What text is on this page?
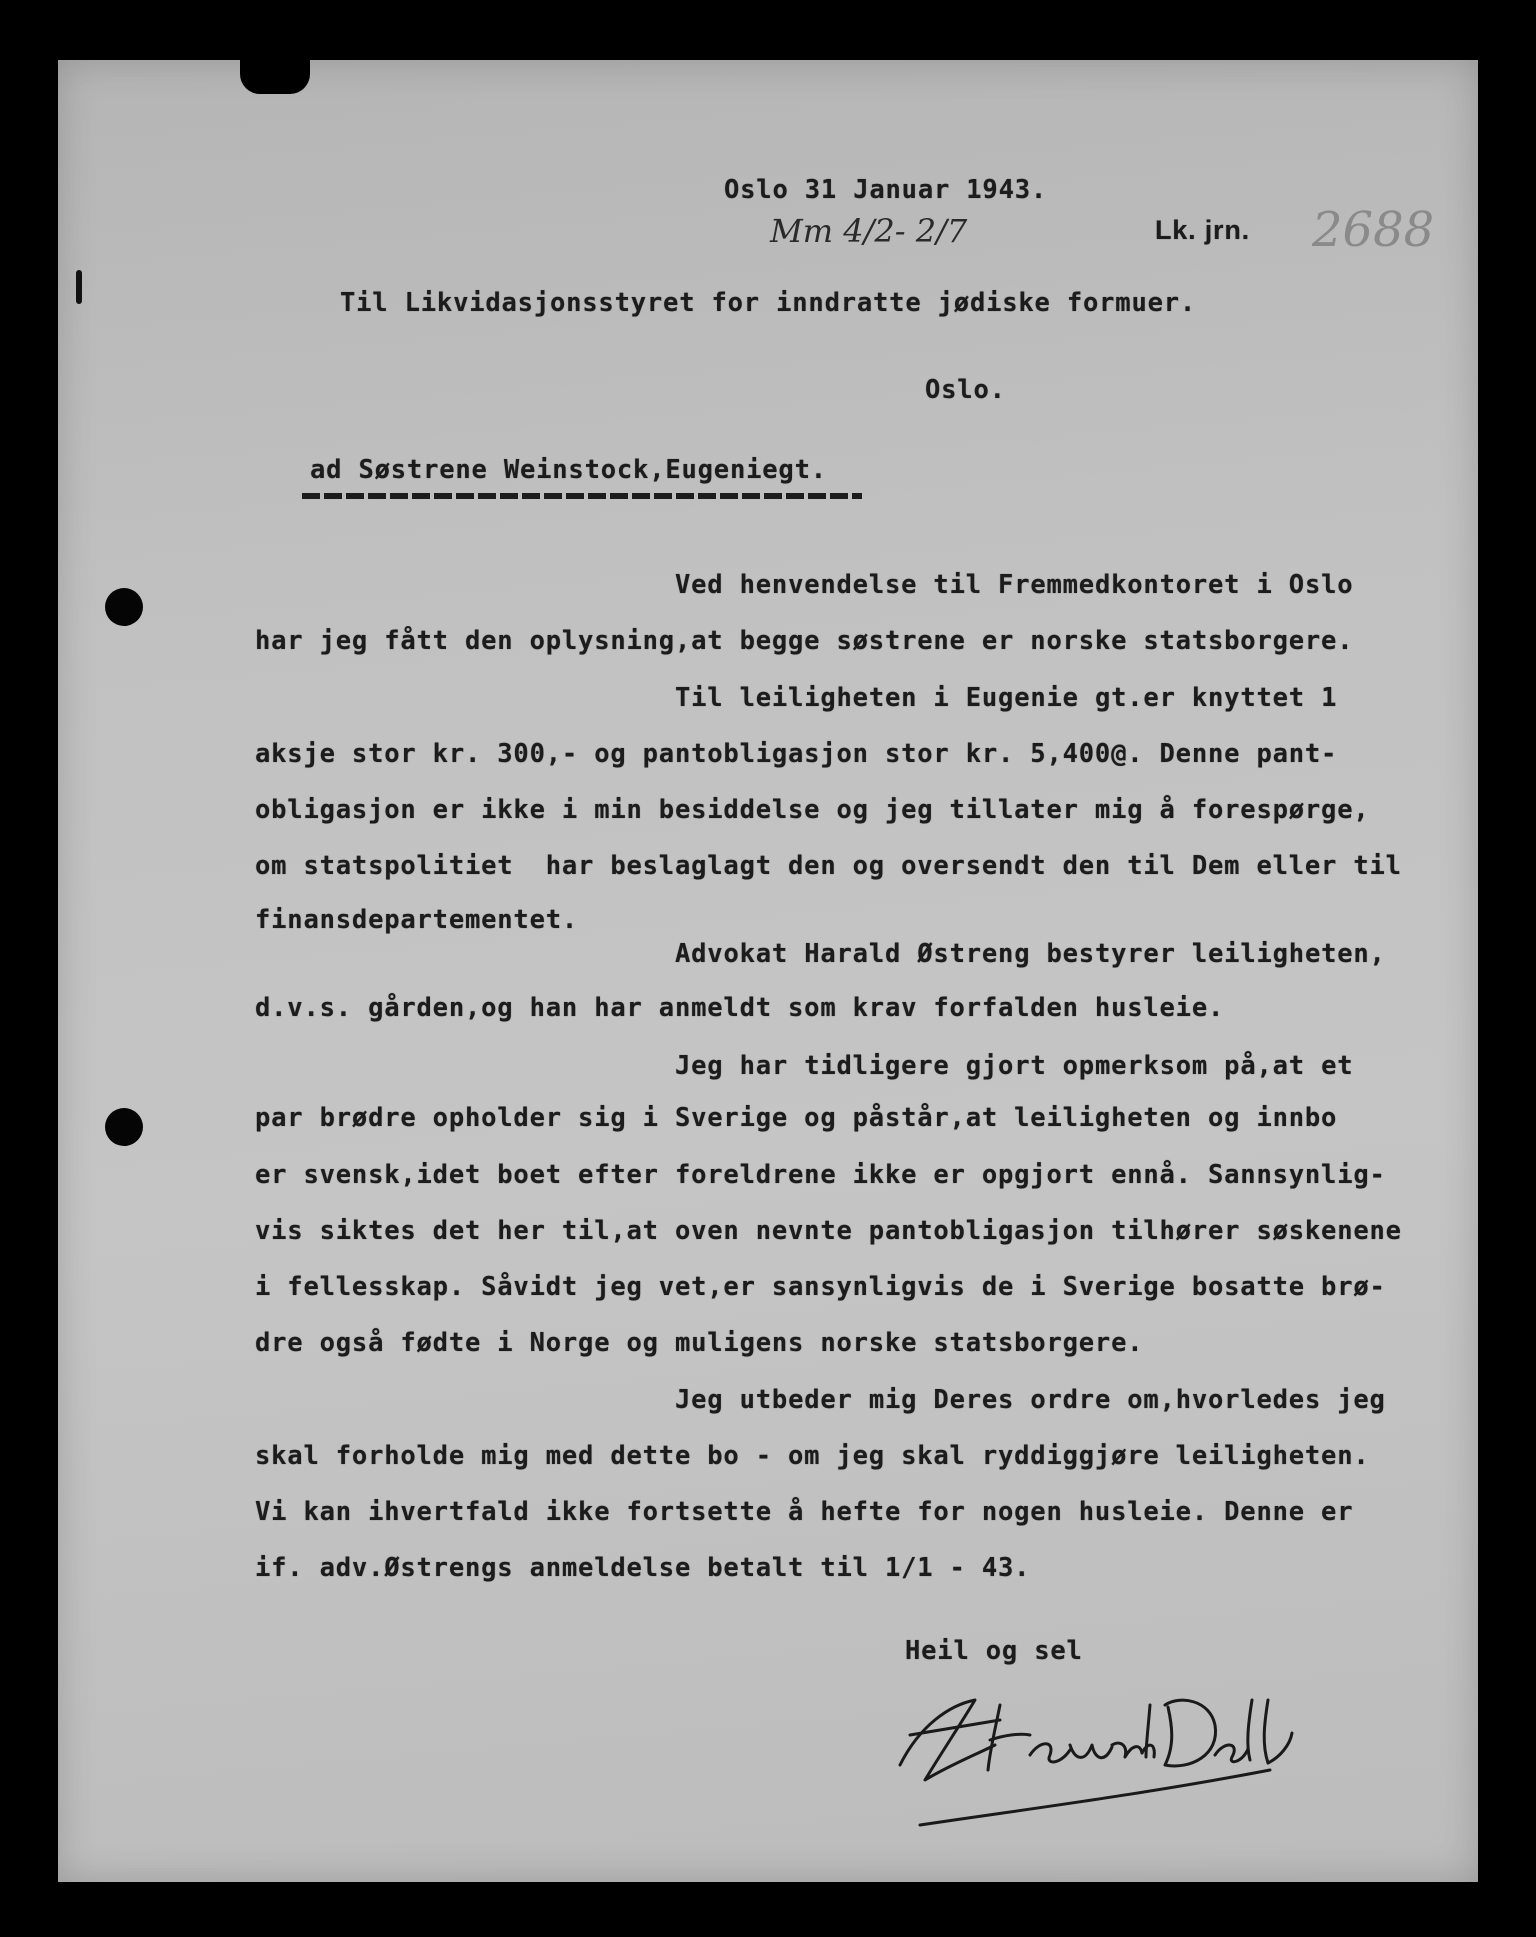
Oslo 31 Januar 1943.
Mm 4/2- 2/7	Lk. jrn. 2688
Til Likvidasjonsstyret for inndratte jødiske formuer.
Oslo.
ad Søstrene Weinstock,Eugeniegt.
Ved henvendelse til Fremmedkontoret i Oslo
har jeg fått den oplysning,at begge søstrene er norske statsborgere.
Til leiligheten i Eugenie gt.er knyttet 1
aksje stor kr. 300,- og pantobligasjon stor kr. 5,400@. Denne pant-
obligasjon er ikke i min besiddelse og jeg tillater mig å forespørge,
om statspolitiet  har beslaglagt den og oversendt den til Dem eller til
finansdepartementet.
Advokat Harald Østreng bestyrer leiligheten,
d.v.s. gården,og han har anmeldt som krav forfalden husleie.
Jeg har tidligere gjort opmerksom på,at et
par brødre opholder sig i Sverige og påstår,at leiligheten og innbo
er svensk,idet boet efter foreldrene ikke er opgjort ennå. Sannsynlig-
vis siktes det her til,at oven nevnte pantobligasjon tilhører søskenene
i fellesskap. Såvidt jeg vet,er sansynligvis de i Sverige bosatte brø-
dre også fødte i Norge og muligens norske statsborgere.
Jeg utbeder mig Deres ordre om,hvorledes jeg
skal forholde mig med dette bo - om jeg skal ryddiggjøre leiligheten.
Vi kan ihvertfald ikke fortsette å hefte for nogen husleie. Denne er
if. adv.Østrengs anmeldelse betalt til 1/1 - 43.
Heil og sel
